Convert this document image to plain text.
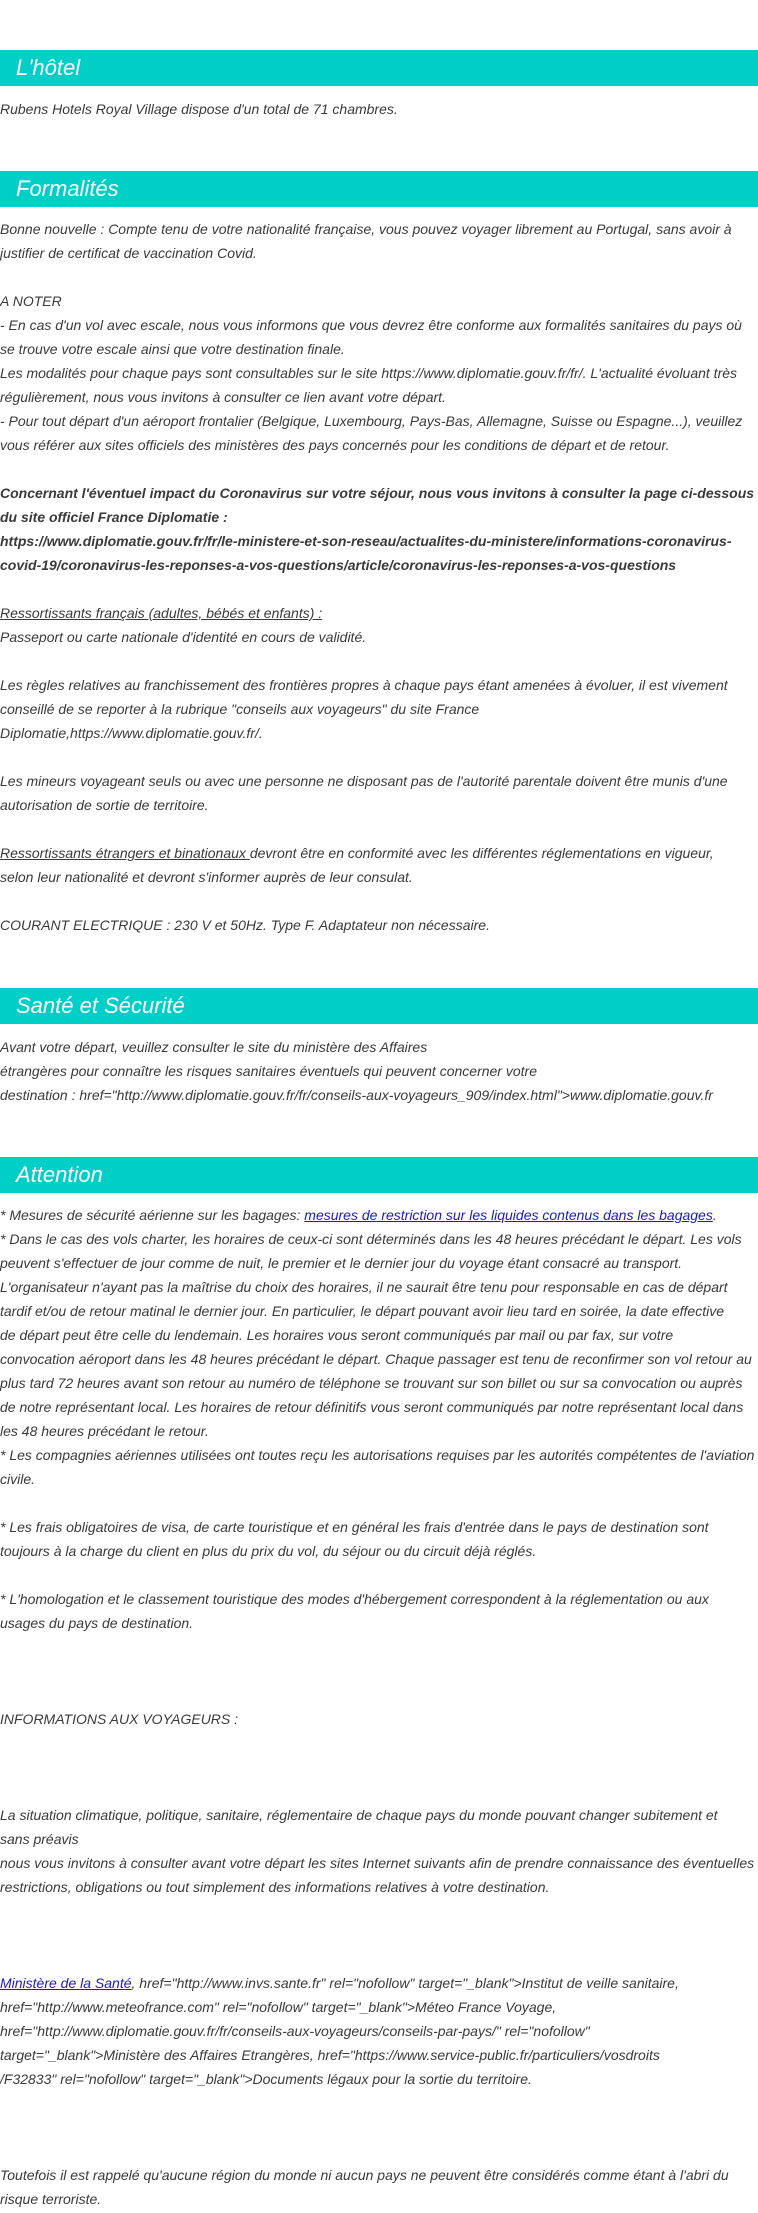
L'hôtel

Rubens Hotels Royal Village dispose d'un total de 71 chambres.

Formalités

Bonne nouvelle : Compte tenu de votre nationalité française, vous pouvez voyager librement au Portugal, sans avoir à

justifier de certificat de vaccination Covid.

A NOTER

- En cas d'un vol avec escale, nous vous informons que vous devrez être conforme aux formalités sanitaires du pays où

se trouve votre escale ainsi que votre destination finale.

Les modalités pour chaque pays sont consultables sur le site https://www.diplomatie.gouv.fr/fr/. L'actualité évoluant très

régulièrement, nous vous invitons à consulter ce lien avant votre départ.

- Pour tout départ d'un aéroport frontalier (Belgique, Luxembourg, Pays-Bas, Allemagne, Suisse ou Espagne...), veuillez

vous référer aux sites officiels des ministères des pays concernés pour les conditions de départ et de retour.

Concernant l'éventuel impact du Coronavirus sur votre séjour, nous vous invitons à consulter la page ci-dessous

du site officiel France Diplomatie :

https://www.diplomatie.gouv.fr/fr/le-ministere-et-son-reseau/actualites-du-ministere/informations-coronavirus-

covid-19/coronavirus-les-reponses-a-vos-questions/article/coronavirus-les-reponses-a-vos-questions

Ressortissants français (adultes, bébés et enfants) :

Passeport ou carte nationale d'identité en cours de validité.

Les règles relatives au franchissement des frontières propres à chaque pays étant amenées à évoluer, il est vivement

conseillé de se reporter à la rubrique "conseils aux voyageurs" du site France

Diplomatie,https://www.diplomatie.gouv.fr/.

Les mineurs voyageant seuls ou avec une personne ne disposant pas de l'autorité parentale doivent être munis d'une

autorisation de sortie de territoire.

Ressortissants étrangers et binationaux devront être en conformité avec les différentes réglementations en vigueur,

selon leur nationalité et devront s'informer auprès de leur consulat.

COURANT ELECTRIQUE : 230 V et 50Hz. Type F. Adaptateur non nécessaire.

Santé et Sécurité

Avant votre départ, veuillez consulter le site du ministère des Affaires

étrangères pour connaître les risques sanitaires éventuels qui peuvent concerner votre

destination : href="http://www.diplomatie.gouv.fr/fr/conseils-aux-voyageurs_909/index.html">www.diplomatie.gouv.fr

Attention

* Mesures de sécurité aérienne sur les bagages: mesures de restriction sur les liquides contenus dans les bagages.

* Dans le cas des vols charter, les horaires de ceux-ci sont déterminés dans les 48 heures précédant le départ. Les vols

peuvent s'effectuer de jour comme de nuit, le premier et le dernier jour du voyage étant consacré au transport.

L'organisateur n'ayant pas la maîtrise du choix des horaires, il ne saurait être tenu pour responsable en cas de départ

tardif et/ou de retour matinal le dernier jour. En particulier, le départ pouvant avoir lieu tard en soirée, la date effective

de départ peut être celle du lendemain. Les horaires vous seront communiqués par mail ou par fax, sur votre

convocation aéroport dans les 48 heures précédant le départ. Chaque passager est tenu de reconfirmer son vol retour au

plus tard 72 heures avant son retour au numéro de téléphone se trouvant sur son billet ou sur sa convocation ou auprès

de notre représentant local. Les horaires de retour définitifs vous seront communiqués par notre représentant local dans

les 48 heures précédant le retour.

* Les compagnies aériennes utilisées ont toutes reçu les autorisations requises par les autorités compétentes de l'aviation

civile.

* Les frais obligatoires de visa, de carte touristique et en général les frais d'entrée dans le pays de destination sont

toujours à la charge du client en plus du prix du vol, du séjour ou du circuit déjà réglés.

* L'homologation et le classement touristique des modes d'hébergement correspondent à la réglementation ou aux

usages du pays de destination.

INFORMATIONS AUX VOYAGEURS :

La situation climatique, politique, sanitaire, réglementaire de chaque pays du monde pouvant changer subitement et

sans préavis

nous vous invitons à consulter avant votre départ les sites Internet suivants afin de prendre connaissance des éventuelles

restrictions, obligations ou tout simplement des informations relatives à votre destination.

Ministère de la Santé, href="http://www.invs.sante.fr" rel="nofollow" target="_blank">Institut de veille sanitaire,

href="http://www.meteofrance.com" rel="nofollow" target="_blank">Méteo France Voyage,

href="http://www.diplomatie.gouv.fr/fr/conseils-aux-voyageurs/conseils-par-pays/" rel="nofollow"

target="_blank">Ministère des Affaires Etrangères, href="https://www.service-public.fr/particuliers/vosdroits

/F32833" rel="nofollow" target="_blank">Documents légaux pour la sortie du territoire.

Toutefois il est rappelé qu'aucune région du monde ni aucun pays ne peuvent être considérés comme étant à l'abri du

risque terroriste.
